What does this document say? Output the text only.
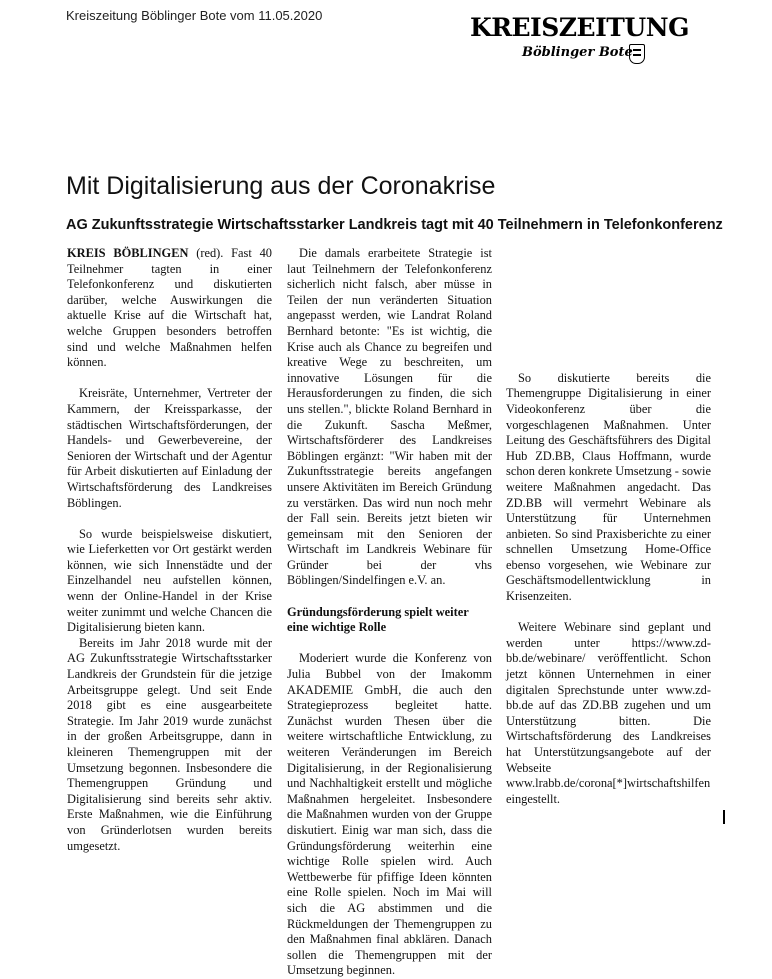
Kreiszeitung Böblinger Bote vom 11.05.2020	KREISZEITUNG
Böblinger Bote
Mit Digitalisierung aus der Coronakrise
AG Zukunftsstrategie Wirtschaftsstarker Landkreis tagt mit 40 Teilnehmern in Telefonkonferenz

KREIS BÖBLINGEN (red). Fast 40 Teilnehmer tagten in einer Telefonkonferenz und diskutierten darüber, welche Auswirkungen die aktuelle Krise auf die Wirtschaft hat, welche Gruppen besonders betroffen sind und welche Maßnahmen helfen können.

Kreisräte, Unternehmer, Vertreter der Kammern, der Kreissparkasse, der städtischen Wirtschaftsförderungen, der Handels- und Gewerbevereine, der Senioren der Wirtschaft und der Agentur für Arbeit diskutierten auf Einladung der Wirtschaftsförderung des Landkreises Böblingen.

So wurde beispielsweise diskutiert, wie Lieferketten vor Ort gestärkt werden können, wie sich Innenstädte und der Einzelhandel neu aufstellen können, wenn der Online-Handel in der Krise weiter zunimmt und welche Chancen die Digitalisierung bieten kann.

Bereits im Jahr 2018 wurde mit der AG Zukunftsstrategie Wirtschaftsstarker Landkreis der Grundstein für die jetzige Arbeitsgruppe gelegt. Und seit Ende 2018 gibt es eine ausgearbeitete Strategie. Im Jahr 2019 wurde zunächst in der großen Arbeitsgruppe, dann in kleineren Themengruppen mit der Umsetzung begonnen. Insbesondere die Themengruppen Gründung und Digitalisierung sind bereits sehr aktiv. Erste Maßnahmen, wie die Einführung von Gründerlotsen wurden bereits umgesetzt.

Die damals erarbeitete Strategie ist laut Teilnehmern der Telefonkonferenz sicherlich nicht falsch, aber müsse in Teilen der nun veränderten Situation angepasst werden, wie Landrat Roland Bernhard betonte: "Es ist wichtig, die Krise auch als Chance zu begreifen und kreative Wege zu beschreiten, um innovative Lösungen für die Herausforderungen zu finden, die sich uns stellen.", blickte Roland Bernhard in die Zukunft. Sascha Meßmer, Wirtschaftsförderer des Landkreises Böblingen ergänzt: "Wir haben mit der Zukunftsstrategie bereits angefangen unsere Aktivitäten im Bereich Gründung zu verstärken. Das wird nun noch mehr der Fall sein. Bereits jetzt bieten wir gemeinsam mit den Senioren der Wirtschaft im Landkreis Webinare für Gründer bei der vhs Böblingen/Sindelfingen e.V. an.

Gründungsförderung spielt weiter eine wichtige Rolle

Moderiert wurde die Konferenz von Julia Bubbel von der Imakomm AKADEMIE GmbH, die auch den Strategieprozess begleitet hatte. Zunächst wurden Thesen über die weitere wirtschaftliche Entwicklung, zu weiteren Veränderungen im Bereich Digitalisierung, in der Regionalisierung und Nachhaltigkeit erstellt und mögliche Maßnahmen hergeleitet. Insbesondere die Maßnahmen wurden von der Gruppe diskutiert. Einig war man sich, dass die Gründungsförderung weiterhin eine wichtige Rolle spielen wird. Auch Wettbewerbe für pfiffige Ideen könnten eine Rolle spielen. Noch im Mai will sich die AG abstimmen und die Rückmeldungen der Themengruppen zu den Maßnahmen final abklären. Danach sollen die Themengruppen mit der Umsetzung beginnen.

So diskutierte bereits die Themengruppe Digitalisierung in einer Videokonferenz über die vorgeschlagenen Maßnahmen. Unter Leitung des Geschäftsführers des Digital Hub ZD.BB, Claus Hoffmann, wurde schon deren konkrete Umsetzung - sowie weitere Maßnahmen angedacht. Das ZD.BB will vermehrt Webinare als Unterstützung für Unternehmen anbieten. So sind Praxisberichte zu einer schnellen Umsetzung Home-Office ebenso vorgesehen, wie Webinare zur Geschäftsmodellentwicklung in Krisenzeiten.

Weitere Webinare sind geplant und werden unter https://www.zd-bb.de/webinare/ veröffentlicht. Schon jetzt können Unternehmen in einer digitalen Sprechstunde unter www.zd-bb.de auf das ZD.BB zugehen und um Unterstützung bitten. Die Wirtschaftsförderung des Landkreises hat Unterstützungsangebote auf der Webseite www.lrabb.de/corona[*]wirtschaftshilfen eingestellt.
